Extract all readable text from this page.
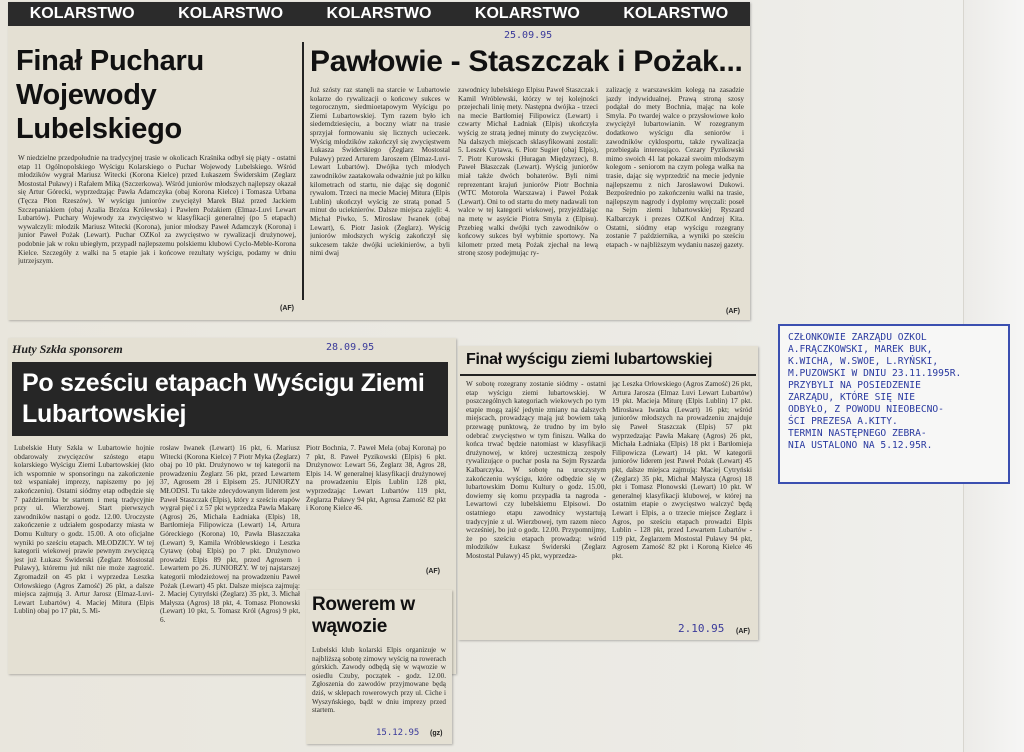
KOLARSTWO	KOLARSTWO	KOLARSTWO	KOLARSTWO	KOLARSTWO
Finał Pucharu Wojewody Lubelskiego
Pawłowie - Staszczak i Pożak...
25.09.95
W niedzielne przedpołudnie na tradycyjnej trasie w okolicach Kraśnika odbył się piąty - ostatni etap 11 Ogólnopolskiego Wyścigu Kolarskiego o Puchar Wojewody Lubelskiego. Wśród młodzików wygrał Mariusz Witecki (Korona Kielce) przed Łukaszem Świderskim (Zeglarz Mostostal Puławy) i Rafałem Miką (Szczerkowa). Wśród juniorów młodszych najlepszy okazał się Artur Górecki, wyprzedzając Pawła Adamczyka (obaj Korona Kielce) i Tomasza Urbana (Tęcza Płon Rzeszów). W wyścigu juniorów zwyciężył Marek Błaż przed Jackiem Szczepaniakiem (obaj Azalia Brzóza Królewska) i Pawłem Pożakiem (Elmaz-Luvi Lewart Lubartów). Puchary Wojewody za zwycięstwo w klasyfikacji generalnej (po 5 etapach) wywalczyli: młodzik Mariusz Witecki (Korona), junior młodszy Paweł Adamczyk (Korona) i junior Paweł Pożak (Lewart). Puchar OZKol za zwycięstwo w rywalizacji drużynowej, podobnie jak w roku ubiegłym, przypadł najlepszemu polskiemu klubowi Cyclo-Meble-Korona Kielce. Szczegóły z walki na 5 etapie jak i końcowe rezultaty wyścigu, podamy w dniu jutrzejszym.
Już szósty raz stanęli na starcie w Lubartowie kolarze do rywalizacji o końcowy sukces w tegorocznym, siedmioetapowym Wyścigu po Ziemi Lubartowskiej. Tym razem było ich siedemdziesięciu, a boczny wiatr na trasie sprzyjał formowaniu się licznych ucieczek. Wyścig młodzików zakończył się zwycięstwem Łukasza Świderskiego (Żeglarz Mostostal Puławy) przed Arturem Jaroszem (Elmaz-Luvi-Lewart Lubartów). Dwójka tych młodych zawodników zaatakowała odważnie już po kilku kilometrach od startu, nie dając się dogonić rywalom. Trzeci na mecie Maciej Mitura (Elpis Lublin) ukończył wyścig ze stratą ponad 5 minut do ucieknierów. Dalsze miejsca zajęli: 4. Michał Piwko, 5. Mirosław Iwanek (obaj Lewart), 6. Piotr Jasiok (Żeglarz). Wyścig juniorów młodszych wyścig zakończył się sukcesem także dwójki uciekinierów, a byli nimi dwaj
zawodnicy lubelskiego Elpisu Paweł Staszczak i Kamil Wróblewski, którzy w tej kolejności przejechali linię mety. Następna dwójka - trzeci na mecie Bartłomiej Filipowicz (Lewart) i czwarty Michał Ładniak (Elpis) ukończyła wyścig ze stratą jednej minuty do zwycięzców. Na dalszych miejscach sklasyfikowani zostali: 5. Leszek Cytawa, 6. Piotr Sugier (obaj Elpis), 7. Piotr Kurowski (Huragan Międzyrzec), 8. Paweł Błaszczak (Lewart). Wyścig juniorów miał także dwóch bohaterów. Byli nimi reprezentant krajuń juniorów Piotr Bochnia (WTC Motorola Warszawa) i Paweł Pożak (Lewart). Oni to od startu do mety nadawali ton walce w tej kategorii wiekowej, przyjeżdżając na metę w asyście Piotra Smyła z (Elpisu). Przebieg walki dwójki tych zawodników o końcowy sukces był wybitnie sportowy. Na kilometr przed metą Pożak zjechał na lewą stronę szosy podejmując ry-
zalizację z warszawskim kolegą na zasadzie jazdy indywidualnej. Prawą stroną szosy podążał do mety Bochnia, mając na kole Smyla. Po twardej walce o przysłowiowe koło zwyciężył lubartowianin. W rozegranym dodatkowo wyścigu dla seniorów i zawodników cyklosportu, także rywalizacja przebiegała interesująco. Cezary Pyzikowski mimo swoich 41 lat pokazał swoim młodszym kolegom - seniorom na czym polega walka na trasie, dając się wyprzedzić na mecie jedynie najlepszemu z nich Jarosławowi Dukowi. Bezpośrednio po zakończeniu walki na trasie, najlepszym nagrody i dyplomy wręczali: poseł na Sejm ziemi lubartowskiej Ryszard Kalbarczyk i prezes OZKol Andrzej Kita. Ostatni, siódmy etap wyścigu rozegrany zostanie 7 października, a wyniki po sześciu etapach - w najbliższym wydaniu naszej gazety.
(AF)	(AF)
Huty Szkła sponsorem	28.09.95
Po sześciu etapach Wyścigu Ziemi Lubartowskiej
Lubelskie Huty Szkła w Lubartowie hojnie obdarowały zwycięzców szóstego etapu kolarskiego Wyścigu Ziemi Lubartowskiej (kto ich wspomnie w sponsoringu na zakończenie też wspaniałej imprezy, napiszemy po jej zakończeniu). Ostatni siódmy etap odbędzie się 7 października br startem i metą tradycyjnie przy ul. Wierzbowej. Start pierwszych zawodników nastąpi o godz. 12.00. Uroczyste zakończenie z udziałem gospodarzy miasta w Domu Kultury o godz. 15.00. A oto oficjalne wyniki po sześciu etapach. MŁODZICY. W tej kategorii wiekowej prawie pewnym zwycięzcą jest już Łukasz Świderski (Żeglarz Mostostal Puławy), któremu już nikt nie może zagrozić. Zgromadził on 45 pkt i wyprzedza Leszka Orłowskiego (Agros Zamość) 26 pkt, a dalsze miejsca zajmują 3. Artur Jarosz (Elmaz-Luvi-Lewart Lubartów) 4. Maciej Mitura (Elpis Lublin) obaj po 17 pkt, 5. Mi-
rosław Iwanek (Lewart) 16 pkt, 6. Mariusz Witecki (Korona Kielce) 7 Piotr Myka (Żeglarz) obaj po 10 pkt. Drużynowo w tej kategorii na prowadzeniu Żeglarz 56 pkt, przed Lewartem 37, Agrosem 28 i Elpisem 25. JUNIORZY MŁODSI. Tu także zdecydowanym liderem jest Paweł Staszczak (Elpis), który z sześciu etapów wygrał pięć i z 57 pkt wyprzedza Pawła Makarę (Agros) 26, Michała Ładniaka (Elpis) 18, Bartłomieja Filipowicza (Lewart) 14, Artura Góreckiego (Korona) 10, Pawła Błaszczaka (Lewart) 9, Kamila Wróblewskiego i Leszka Cytawę (obaj Elpis) po 7 pkt. Drużynowo prowadzi Elpis 89 pkt, przed Agrosem i Lewartem po 26. JUNIORZY. W tej najstarszej kategorii młodzieżowej na prowadzeniu Paweł Pożak (Lewart) 45 pkt. Dalsze miejsca zajmują: 2. Maciej Cytryński (Żeglarz) 35 pkt, 3. Michał Małysza (Agros) 18 pkt, 4. Tomasz Płonowski (Lewart) 10 pkt, 5. Tomasz Król (Agros) 9 pkt, 6.
Piotr Bochnia, 7. Paweł Mela (obaj Korona) po 7 pkt, 8. Paweł Pyzikowski (Elpis) 6 pkt. Drużynowo: Lewart 56, Żeglarz 38, Agros 28, Elpis 14. W generalnej klasyfikacji drużynowej na prowadzeniu Elpis Lublin 128 pkt, wyprzedzając Lewart Lubartów 119 pkt, Żeglarza Puławy 94 pkt, Agrosa Zamość 82 pkt i Koronę Kielce 46.
(AF)
Rowerem w wąwozie
Lubelski klub kolarski Elpis organizuje w najbliższą sobotę zimowy wyścig na rowerach górskich. Zawody odbędą się w wąwozie w osiedlu Czuby, początek - godz. 12.00. Zgłoszenia do zawodów przyjmowane będą dziś, w sklepach rowerowych przy ul. Ciche i Wyszyńskiego, bądź w dniu imprezy przed startem.
15.12.95 (gz)
Finał wyścigu ziemi lubartowskiej
W sobotę rozegrany zostanie siódmy - ostatni etap wyścigu ziemi lubartowskiej. W poszczególnych kategoriach wiekowych po tym etapie mogą zajść jedynie zmiany na dalszych miejscach, prowadzący mają już bowiem taką przewagę punktową, że trudno by im było odebrać zwycięstwo w tym finiszu. Walka do końca trwać będzie natomiast w klasyfikacji drużynowej, w której uczestniczą zespoły rywalizujące o puchar posła na Sejm Ryszarda Kalbarczyka. W sobotę na uroczystym zakończeniu wyścigu, które odbędzie się w lubartowskim Domu Kultury o godz. 15.00, dowiemy się komu przypadła ta nagroda - Lewartowi czy lubelskiemu Elpisowi. Do ostatniego etapu zawodnicy wystartują tradycyjnie z ul. Wierzbowej, tym razem nieco wcześniej, bo już o godz. 12.00. Przypomnijmy, że po sześciu etapach prowadzą: wśród młodzików Łukasz Świderski (Żeglarz Mostostal Puławy) 45 pkt, wyprzedza-
jąc Leszka Orłowskiego (Agros Zamość) 26 pkt, Artura Jarosza (Elmaz Luvi Lewart Lubartów) 19 pkt. Macieja Miturę (Elpis Lublin) 17 pkt. Mirosława Iwanka (Lewart) 16 pkt; wśród juniorów młodszych na prowadzeniu znajduje się Paweł Staszczak (Elpis) 57 pkt wyprzedzając Pawła Makarę (Agros) 26 pkt, Michała Ładniaka (Elpis) 18 pkt i Bartłomieja Filipowicza (Lewart) 14 pkt. W kategorii juniorów liderem jest Paweł Pożak (Lewart) 45 pkt, dalsze miejsca zajmują: Maciej Cytryński (Żeglarz) 35 pkt, Michał Małysza (Agros) 18 pkt i Tomasz Płonowski (Lewart) 10 pkt. W generalnej klasyfikacji klubowej, w której na ostatnim etapie o zwycięstwo walczyć będą Lewart i Elpis, a o trzecie miejsce Żeglarz i Agros, po sześciu etapach prowadzi Elpis Lublin - 128 pkt, przed Lewartem Lubartów - 119 pkt, Żeglarzem Mostostal Puławy 94 pkt, Agrosem Zamość 82 pkt i Koroną Kielce 46 pkt.
2.10.95 (AF)
CZŁONKOWIE ZARZĄDU OZKOL
A.FRĄCZKOWSKI, MAREK BUK,
K.WICHA, W.SWOE, L.RYŃSKI,
M.PUZOWSKI W DNIU 23.11.1995R.
PRZYBYLI NA POSIEDZENIE
ZARZĄDU, KTÓRE SIĘ NIE
ODBYŁO, Z POWODU NIEOBECNO-
ŚCI PREZESA A.KITY.
TERMIN NASTĘPNEGO ZEBRA-
NIA USTALONO NA 5.12.95R.
